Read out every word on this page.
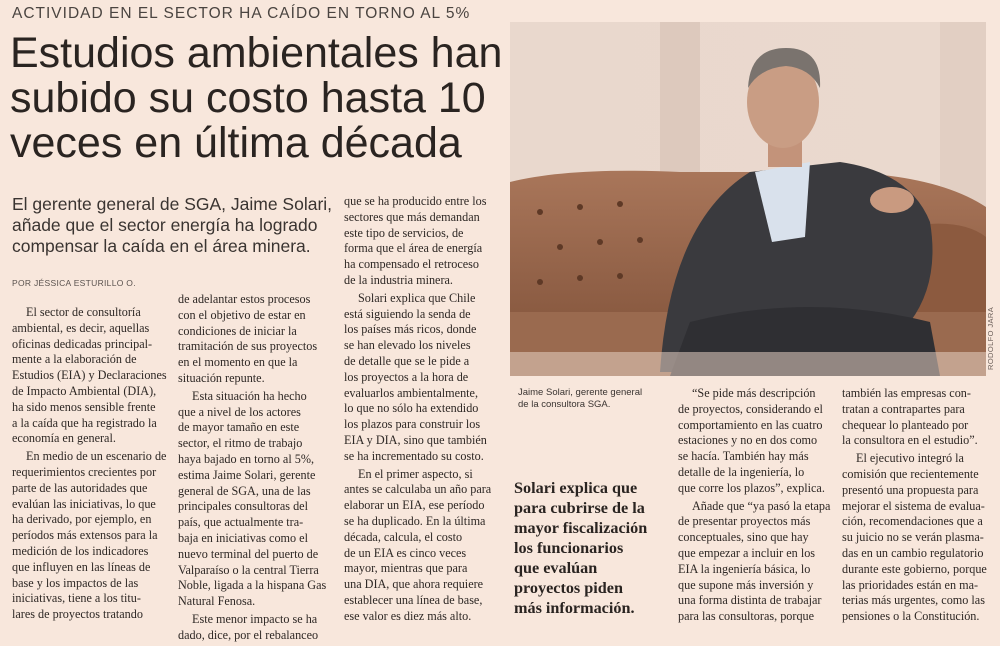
ACTIVIDAD EN EL SECTOR HA CAÍDO EN TORNO AL 5%
Estudios ambientales han
subido su costo hasta 10
veces en última década
El gerente general de SGA, Jaime Solari,
añade que el sector energía ha logrado
compensar la caída en el área minera.
POR JÉSSICA ESTURILLO O.
RODOLFO JARA
Jaime Solari, gerente general
de la consultora SGA.
Solari explica que
para cubrirse de la
mayor fiscalización
los funcionarios
que evalúan
proyectos piden
más información.

El sector de consultoría
ambiental, es decir, aquellas
oficinas dedicadas principal-
mente a la elaboración de
Estudios (EIA) y Declaraciones
de Impacto Ambiental (DIA),
ha sido menos sensible frente
a la caída que ha registrado la
economía en general.

En medio de un escenario de
requerimientos crecientes por
parte de las autoridades que
evalúan las iniciativas, lo que
ha derivado, por ejemplo, en
períodos más extensos para la
medición de los indicadores
que influyen en las líneas de
base y los impactos de las
iniciativas, tiene a los titu-
lares de proyectos tratando

de adelantar estos procesos
con el objetivo de estar en
condiciones de iniciar la
tramitación de sus proyectos
en el momento en que la
situación repunte.

Esta situación ha hecho
que a nivel de los actores
de mayor tamaño en este
sector, el ritmo de trabajo
haya bajado en torno al 5%,
estima Jaime Solari, gerente
general de SGA, una de las
principales consultoras del
país, que actualmente tra-
baja en iniciativas como el
nuevo terminal del puerto de
Valparaíso o la central Tierra
Noble, ligada a la hispana Gas
Natural Fenosa.

Este menor impacto se ha
dado, dice, por el rebalanceo

que se ha producido entre los
sectores que más demandan
este tipo de servicios, de
forma que el área de energía
ha compensado el retroceso
de la industria minera.

Solari explica que Chile
está siguiendo la senda de
los países más ricos, donde
se han elevado los niveles
de detalle que se le pide a
los proyectos a la hora de
evaluarlos ambientalmente,
lo que no sólo ha extendido
los plazos para construir los
EIA y DIA, sino que también
se ha incrementado su costo.

En el primer aspecto, si
antes se calculaba un año para
elaborar un EIA, ese período
se ha duplicado. En la última
década, calcula, el costo
de un EIA es cinco veces
mayor, mientras que para
una DIA, que ahora requiere
establecer una línea de base,
ese valor es diez más alto.

“Se pide más descripción
de proyectos, considerando el
comportamiento en las cuatro
estaciones y no en dos como
se hacía. También hay más
detalle de la ingeniería, lo
que corre los plazos”, explica.

Añade que “ya pasó la etapa
de presentar proyectos más
conceptuales, sino que hay
que empezar a incluir en los
EIA la ingeniería básica, lo
que supone más inversión y
una forma distinta de trabajar
para las consultoras, porque

también las empresas con-
tratan a contrapartes para
chequear lo planteado por
la consultora en el estudio”.

El ejecutivo integró la
comisión que recientemente
presentó una propuesta para
mejorar el sistema de evalua-
ción, recomendaciones que a
su juicio no se verán plasma-
das en un cambio regulatorio
durante este gobierno, porque
las prioridades están en ma-
terias más urgentes, como las
pensiones o la Constitución.
